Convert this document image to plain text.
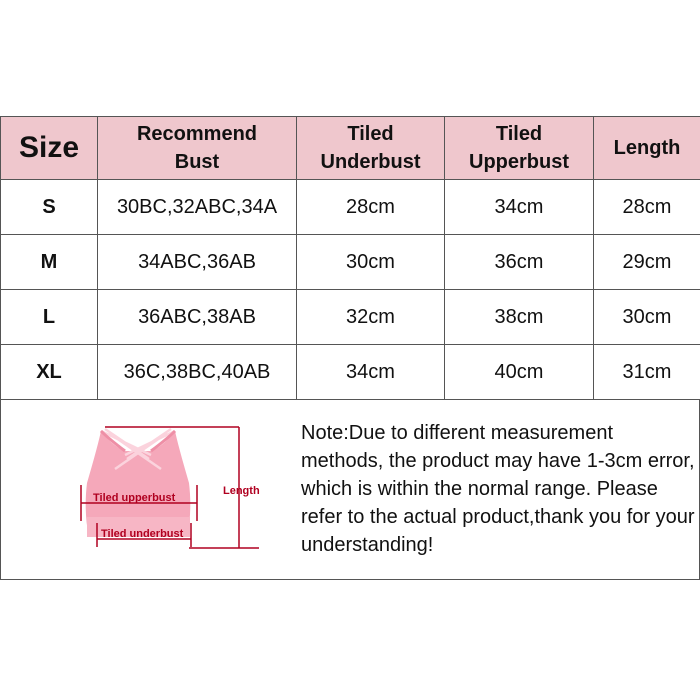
Size	Recommend Bust	Tiled Underbust	Tiled Upperbust	Length
S	30BC,32ABC,34A	28cm	34cm	28cm
M	34ABC,36AB	30cm	36cm	29cm
L	36ABC,38AB	32cm	38cm	30cm
XL	36C,38BC,40AB	34cm	40cm	31cm
Tiled upperbust
Tiled underbust
Length
Note:Due to different measurement methods, the product may have 1-3cm error, which is within the normal range. Please refer to the actual product,thank you for your understanding!
